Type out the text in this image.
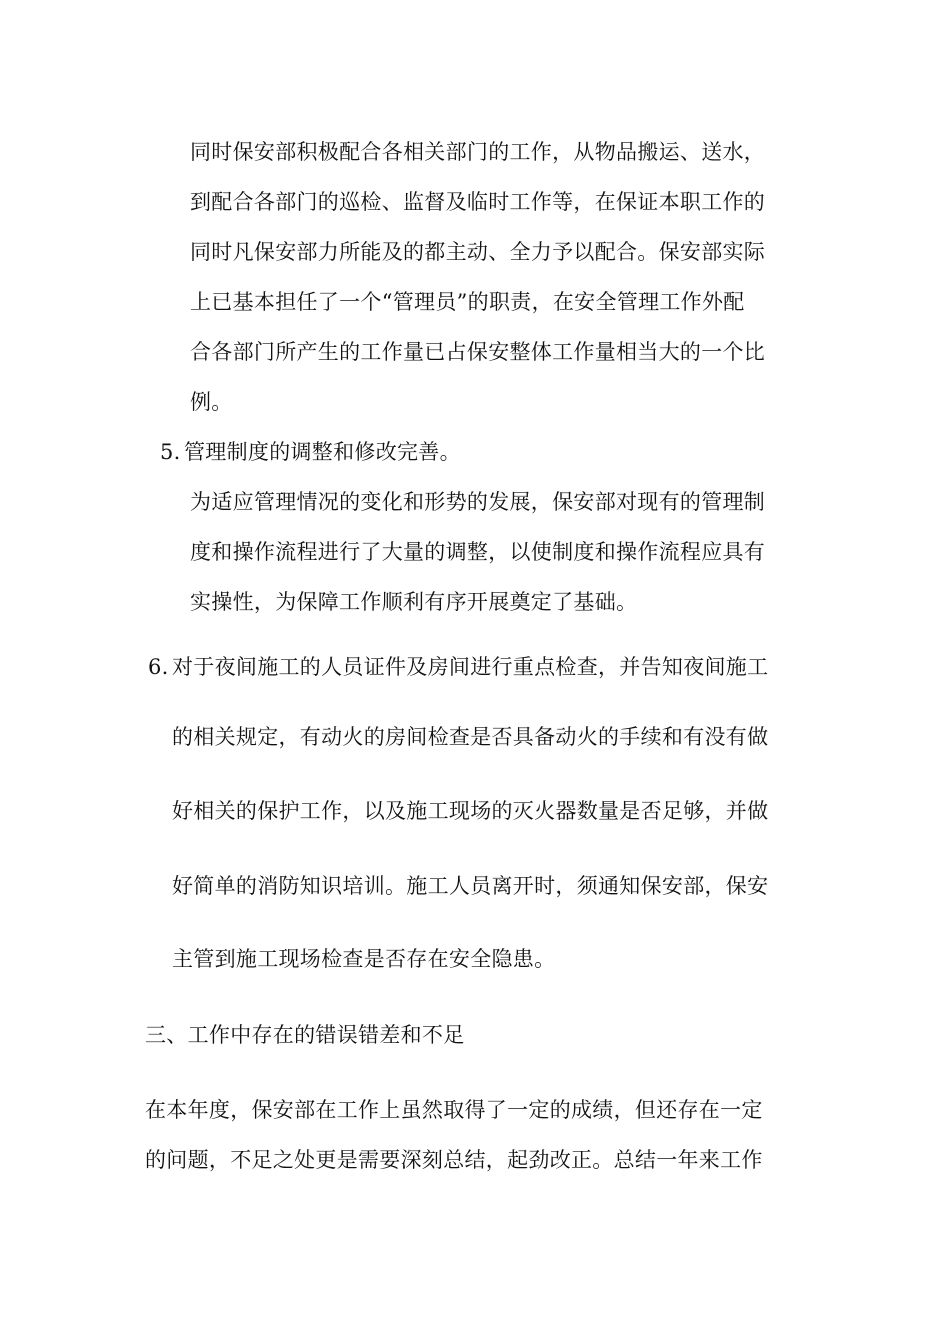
同时保安部积极配合各相关部门的工作，从物品搬运、送水，

到配合各部门的巡检、监督及临时工作等，在保证本职工作的

同时凡保安部力所能及的都主动、全力予以配合。保安部实际

上已基本担任了一个“管理员”的职责，在安全管理工作外配

合各部门所产生的工作量已占保安整体工作量相当大的一个比

例。

5. 管理制度的调整和修改完善。

为适应管理情况的变化和形势的发展，保安部对现有的管理制

度和操作流程进行了大量的调整，以使制度和操作流程应具有

实操性，为保障工作顺利有序开展奠定了基础。

6. 对于夜间施工的人员证件及房间进行重点检查，并告知夜间施工

的相关规定，有动火的房间检查是否具备动火的手续和有没有做

好相关的保护工作，以及施工现场的灭火器数量是否足够，并做

好简单的消防知识培训。施工人员离开时，须通知保安部，保安

主管到施工现场检查是否存在安全隐患。

三、工作中存在的错误错差和不足

在本年度，保安部在工作上虽然取得了一定的成绩，但还存在一定

的问题，不足之处更是需要深刻总结，起劲改正。总结一年来工作
